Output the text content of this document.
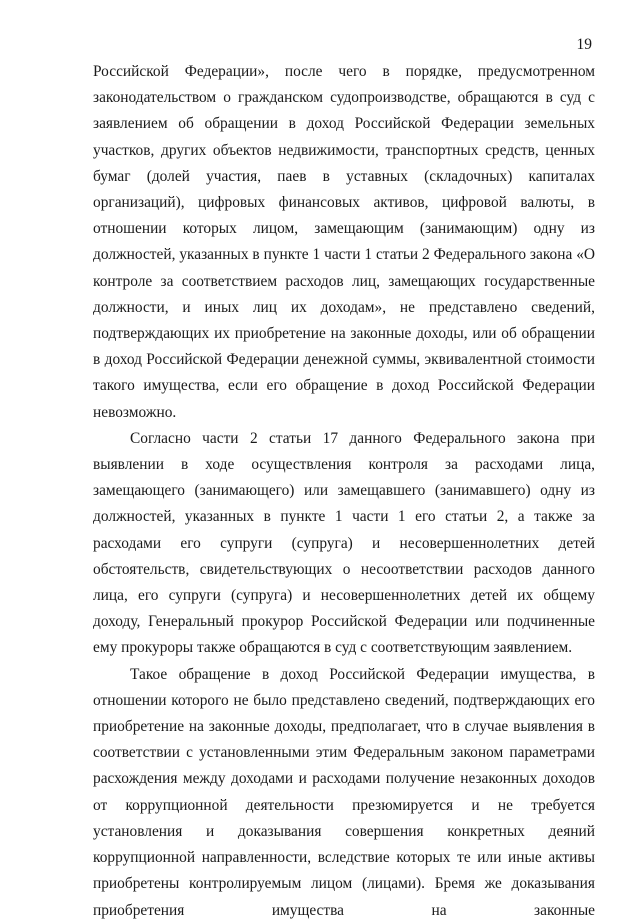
19

Российской Федерации», после чего в порядке, предусмотренном законодательством о гражданском судопроизводстве, обращаются в суд с заявлением об обращении в доход Российской Федерации земельных участков, других объектов недвижимости, транспортных средств, ценных бумаг (долей участия, паев в уставных (складочных) капиталах организаций), цифровых финансовых активов, цифровой валюты, в отношении которых лицом, замещающим (занимающим) одну из должностей, указанных в пункте 1 части 1 статьи 2 Федерального закона «О контроле за соответствием расходов лиц, замещающих государственные должности, и иных лиц их доходам», не представлено сведений, подтверждающих их приобретение на законные доходы, или об обращении в доход Российской Федерации денежной суммы, эквивалентной стоимости такого имущества, если его обращение в доход Российской Федерации невозможно.

Согласно части 2 статьи 17 данного Федерального закона при выявлении в ходе осуществления контроля за расходами лица, замещающего (занимающего) или замещавшего (занимавшего) одну из должностей, указанных в пункте 1 части 1 его статьи 2, а также за расходами его супруги (супруга) и несовершеннолетних детей обстоятельств, свидетельствующих о несоответствии расходов данного лица, его супруги (супруга) и несовершеннолетних детей их общему доходу, Генеральный прокурор Российской Федерации или подчиненные ему прокуроры также обращаются в суд с соответствующим заявлением.

Такое обращение в доход Российской Федерации имущества, в отношении которого не было представлено сведений, подтверждающих его приобретение на законные доходы, предполагает, что в случае выявления в соответствии с установленными этим Федеральным законом параметрами расхождения между доходами и расходами получение незаконных доходов от коррупционной деятельности презюмируется и не требуется установления и доказывания совершения конкретных деяний коррупционной направленности, вследствие которых те или иные активы приобретены контролируемым лицом (лицами). Бремя же доказывания приобретения имущества на законные
